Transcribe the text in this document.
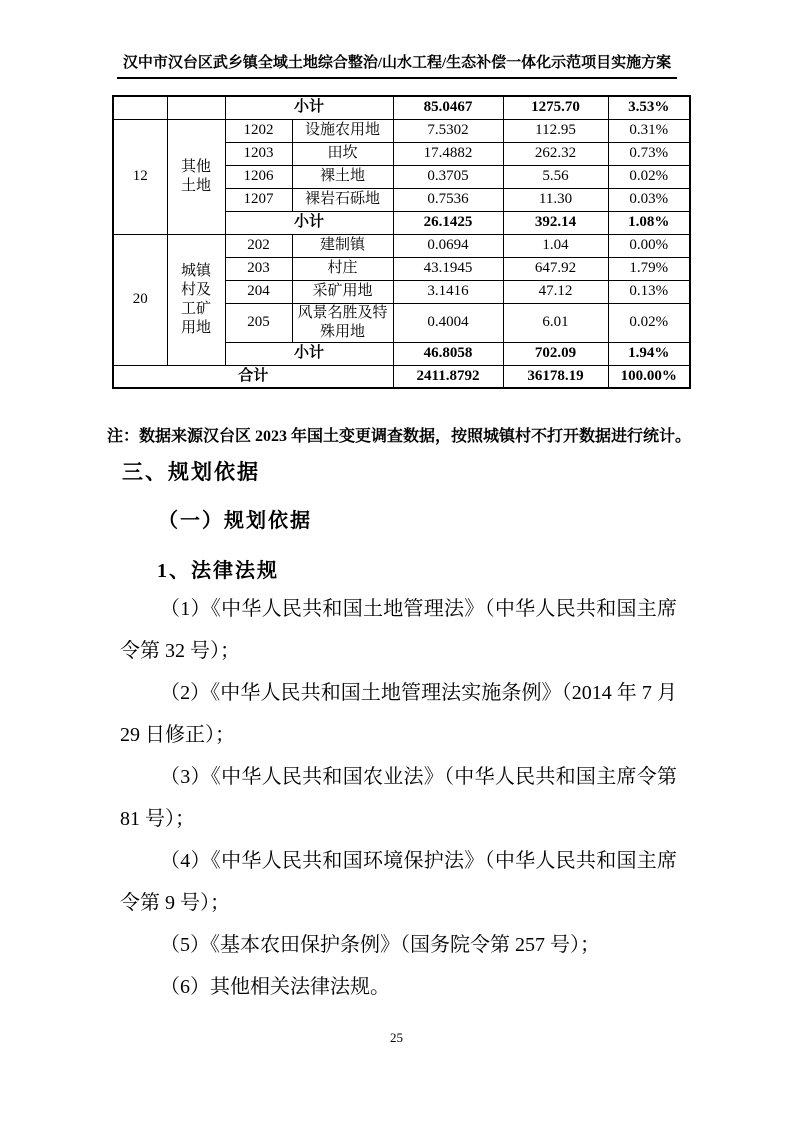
汉中市汉台区武乡镇全域土地综合整治/山水工程/生态补偿一体化示范项目实施方案
		小计		85.0467	1275.70	3.53%
12	其他土地	1202	设施农用地	7.5302	112.95	0.31%
		1203	田坎	17.4882	262.32	0.73%
		1206	裸土地	0.3705	5.56	0.02%
		1207	裸岩石砾地	0.7536	11.30	0.03%
		小计		26.1425	392.14	1.08%
20	城镇村及工矿用地	202	建制镇	0.0694	1.04	0.00%
		203	村庄	43.1945	647.92	1.79%
		204	采矿用地	3.1416	47.12	0.13%
		205	风景名胜及特殊用地	0.4004	6.01	0.02%
		小计		46.8058	702.09	1.94%
合计				2411.8792	36178.19	100.00%
注：数据来源汉台区 2023 年国土变更调查数据，按照城镇村不打开数据进行统计。
三、规划依据
（一）规划依据
1、法律法规

（1）《中华人民共和国土地管理法》（中华人民共和国主席令第 32 号）；

（2）《中华人民共和国土地管理法实施条例》（2014 年 7 月 29 日修正）；

（3）《中华人民共和国农业法》（中华人民共和国主席令第 81 号）；

（4）《中华人民共和国环境保护法》（中华人民共和国主席令第 9 号）；

（5）《基本农田保护条例》（国务院令第 257 号）；

（6）其他相关法律法规。

25
